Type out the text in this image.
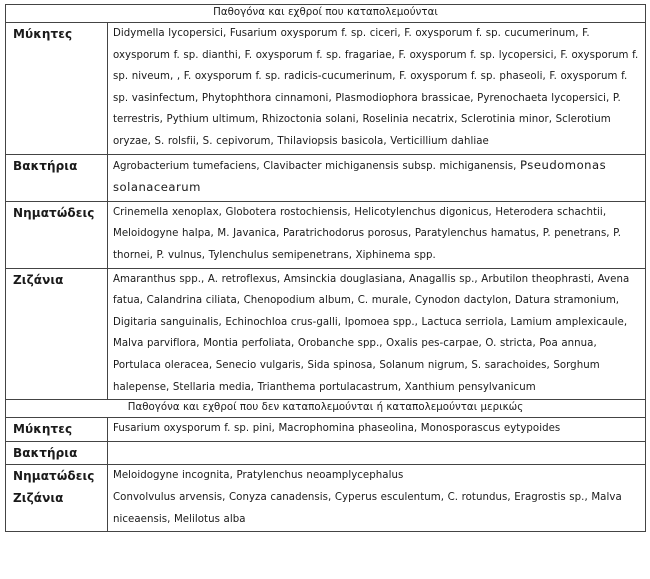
Παθογόνα και εχθροί που καταπολεμούνται	
Μύκητες	Didymella lycopersici, Fusarium oxysporum f. sp. ciceri, F. oxysporum f. sp. cucumerinum, F. oxysporum f. sp. dianthi, F. oxysporum f. sp. fragariae, F. oxysporum f. sp. lycopersici, F. oxysporum f. sp. niveum, , F. oxysporum f. sp. radicis-cucumerinum, F. oxysporum f. sp. phaseoli, F. oxysporum f. sp. vasinfectum, Phytophthora cinnamoni, Plasmodiophora brassicae, Pyrenochaeta lycopersici, P. terrestris, Pythium ultimum, Rhizoctonia solani, Roselinia necatrix, Sclerotinia minor, Sclerotium oryzae, S. rolsfii, S. cepivorum, Thilaviopsis basicola, Verticillium dahliae
Βακτήρια	Agrobacterium tumefaciens, Clavibacter michiganensis subsp. michiganensis, Pseudomonas solanacearum
Νηματώδεις	Crinemella xenoplax, Globotera rostochiensis, Helicotylenchus digonicus, Heterodera schachtii, Meloidogyne halpa, M. Javanica, Paratrichodorus porosus, Paratylenchus hamatus, P. penetrans, P. thornei, P. vulnus, Tylenchulus semipenetrans, Xiphinema spp.
Ζιζάνια	Amaranthus spp., A. retroflexus, Amsinckia douglasiana, Anagallis sp., Arbutilon theophrasti, Avena fatua, Calandrina ciliata, Chenopodium album, C. murale, Cynodon dactylon, Datura stramonium, Digitaria sanguinalis, Echinochloa crus-galli, Ipomoea spp., Lactuca serriola, Lamium amplexicaule, Malva parviflora, Montia perfoliata, Orobanche spp., Oxalis pes-carpae, O. stricta, Poa annua, Portulaca oleracea, Senecio vulgaris, Sida spinosa, Solanum nigrum, S. sarachoides, Sorghum halepense, Stellaria media, Trianthema portulacastrum, Xanthium pensylvanicum
Παθογόνα και εχθροί που δεν καταπολεμούνται ή καταπολεμούνται μερικώς	
Μύκητες	Fusarium oxysporum f. sp. pini, Macrophomina phaseolina, Monosporascus eytypoides
Βακτήρια	
Νηματώδεις	Meloidogyne incognita, Pratylenchus neoamplycephalus
Ζιζάνια	Convolvulus arvensis, Conyza canadensis, Cyperus esculentum, C. rotundus, Eragrostis sp., Malva niceaensis, Melilotus alba
